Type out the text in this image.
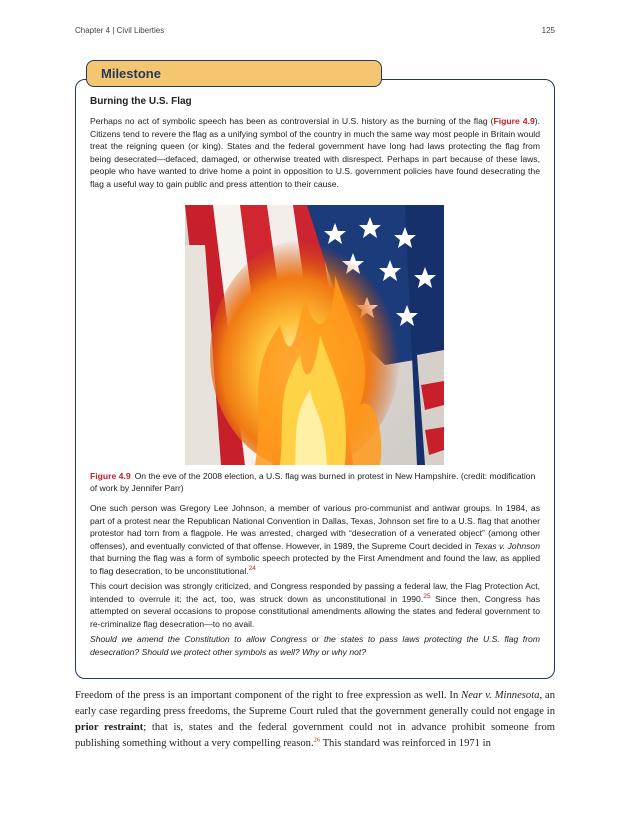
Chapter 4 | Civil Liberties	125
Milestone
Burning the U.S. Flag
Perhaps no act of symbolic speech has been as controversial in U.S. history as the burning of the flag (Figure 4.9). Citizens tend to revere the flag as a unifying symbol of the country in much the same way most people in Britain would treat the reigning queen (or king). States and the federal government have long had laws protecting the flag from being desecrated—defaced, damaged, or otherwise treated with disrespect. Perhaps in part because of these laws, people who have wanted to drive home a point in opposition to U.S. government policies have found desecrating the flag a useful way to gain public and press attention to their cause.
Figure 4.9 On the eve of the 2008 election, a U.S. flag was burned in protest in New Hampshire. (credit: modification of work by Jennifer Parr)
One such person was Gregory Lee Johnson, a member of various pro-communist and antiwar groups. In 1984, as part of a protest near the Republican National Convention in Dallas, Texas, Johnson set fire to a U.S. flag that another protestor had torn from a flagpole. He was arrested, charged with “desecration of a venerated object” (among other offenses), and eventually convicted of that offense. However, in 1989, the Supreme Court decided in Texas v. Johnson that burning the flag was a form of symbolic speech protected by the First Amendment and found the law, as applied to flag desecration, to be unconstitutional.$^{24}$
This court decision was strongly criticized, and Congress responded by passing a federal law, the Flag Protection Act, intended to overrule it; the act, too, was struck down as unconstitutional in 1990.25 Since then, Congress has attempted on several occasions to propose constitutional amendments allowing the states and federal government to re-criminalize flag desecration—to no avail.
Should we amend the Constitution to allow Congress or the states to pass laws protecting the U.S. flag from desecration? Should we protect other symbols as well? Why or why not?
Freedom of the press is an important component of the right to free expression as well. In Near v. Minnesota, an early case regarding press freedoms, the Supreme Court ruled that the government generally could not engage in prior restraint; that is, states and the federal government could not in advance prohibit someone from publishing something without a very compelling reason.$^{26}$ This standard was reinforced in 1971 in
